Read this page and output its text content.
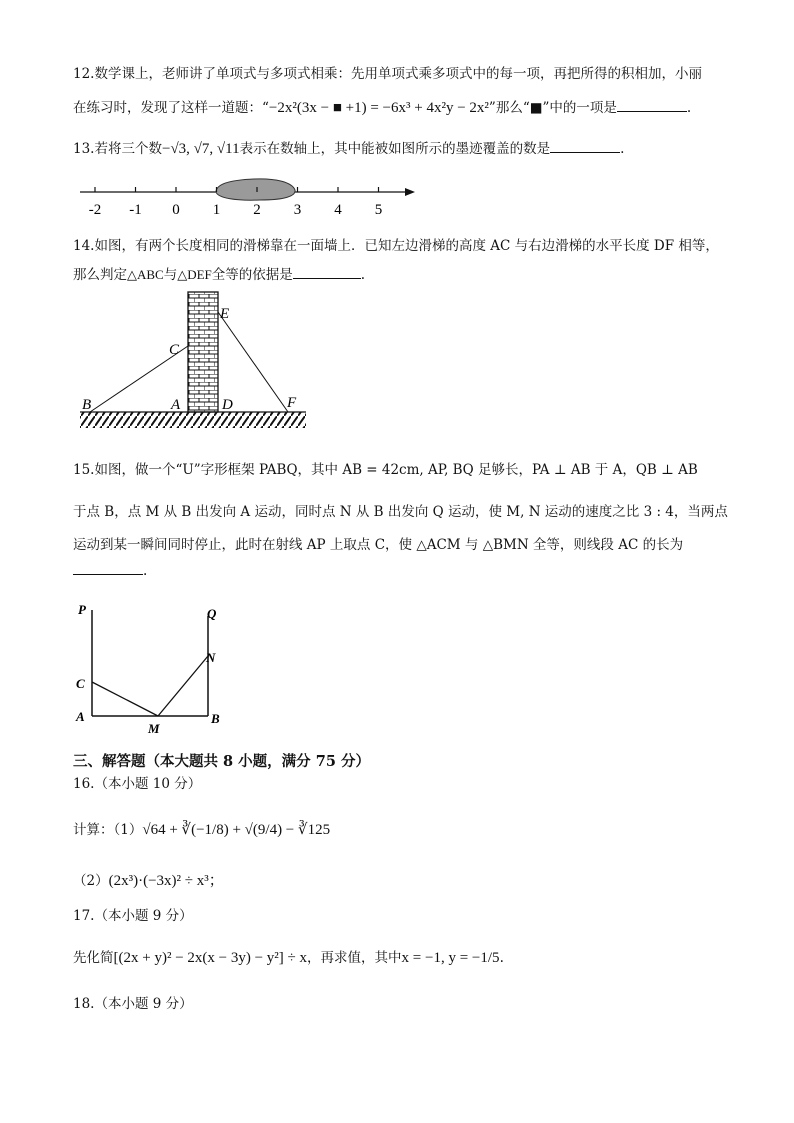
12.数学课上，老师讲了单项式与多项式相乘：先用单项式乘多项式中的每一项，再把所得的积相加，小丽
在练习时，发现了这样一道题：“−2x²(3x − ■ +1) = −6x³ + 4x²y − 2x²”那么“■”中的一项是	.
13.若将三个数−√3, √7, √11表示在数轴上，其中能被如图所示的墨迹覆盖的数是	.
-2 -1 0 1 2 3 4 5
14.如图，有两个长度相同的滑梯靠在一面墙上．已知左边滑梯的高度 AC 与右边滑梯的水平长度 DF 相等，
那么判定△ABC与△DEF全等的依据是	.
E
C
B	A	D	F
15.如图，做一个“U”字形框架 PABQ，其中 AB = 42cm, AP, BQ 足够长，PA ⊥ AB 于 A，QB ⊥ AB
于点 B，点 M 从 B 出发向 A 运动，同时点 N 从 B 出发向 Q 运动，使 M, N 运动的速度之比 3 : 4，当两点
运动到某一瞬间同时停止，此时在射线 AP 上取点 C，使 △ACM 与 △BMN 全等，则线段 AC 的长为
.
P	Q
N
C
A
M
B
三、解答题（本大题共 8 小题，满分 75 分）
16.（本小题 10 分）
计算：（1）√64 + ∛(−1/8) + √(9/4) − ∛125
（2）(2x³)·(−3x)² ÷ x³；
17.（本小题 9 分）
先化简[(2x + y)² − 2x(x − 3y) − y²] ÷ x，再求值，其中x = −1, y = −1/5.
18.（本小题 9 分）
